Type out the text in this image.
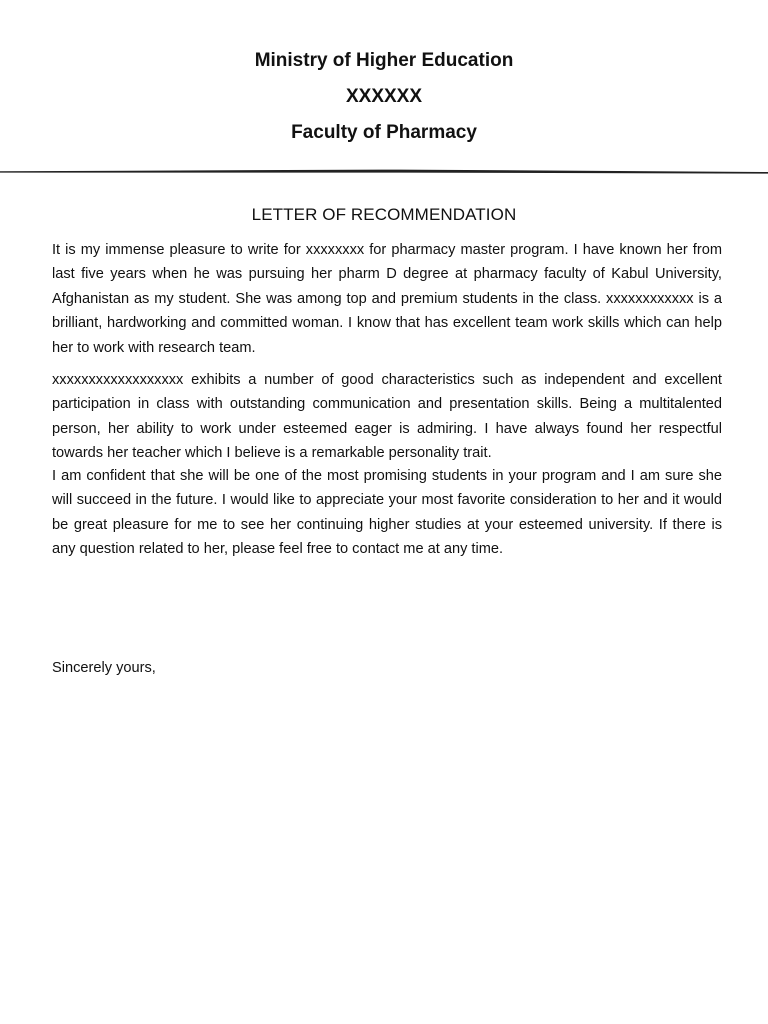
Ministry of Higher Education
XXXXXX
Faculty of Pharmacy
LETTER OF RECOMMENDATION

It is my immense pleasure to write for xxxxxxxx for pharmacy master program. I have known her from last five years when he was pursuing her pharm D degree at pharmacy faculty of Kabul University, Afghanistan as my student. She was among top and premium students in the class. xxxxxxxxxxxx is a brilliant, hardworking and committed woman. I know that has excellent team work skills which can help her to work with research team.

xxxxxxxxxxxxxxxxxx exhibits a number of good characteristics such as independent and excellent participation in class with outstanding communication and presentation skills. Being a multitalented person, her ability to work under esteemed eager is admiring. I have always found her respectful towards her teacher which I believe is a remarkable personality trait.

I am confident that she will be one of the most promising students in your program and I am sure she will succeed in the future. I would like to appreciate your most favorite consideration to her and it would be great pleasure for me to see her continuing higher studies at your esteemed university. If there is any question related to her, please feel free to contact me at any time.

Sincerely yours,
